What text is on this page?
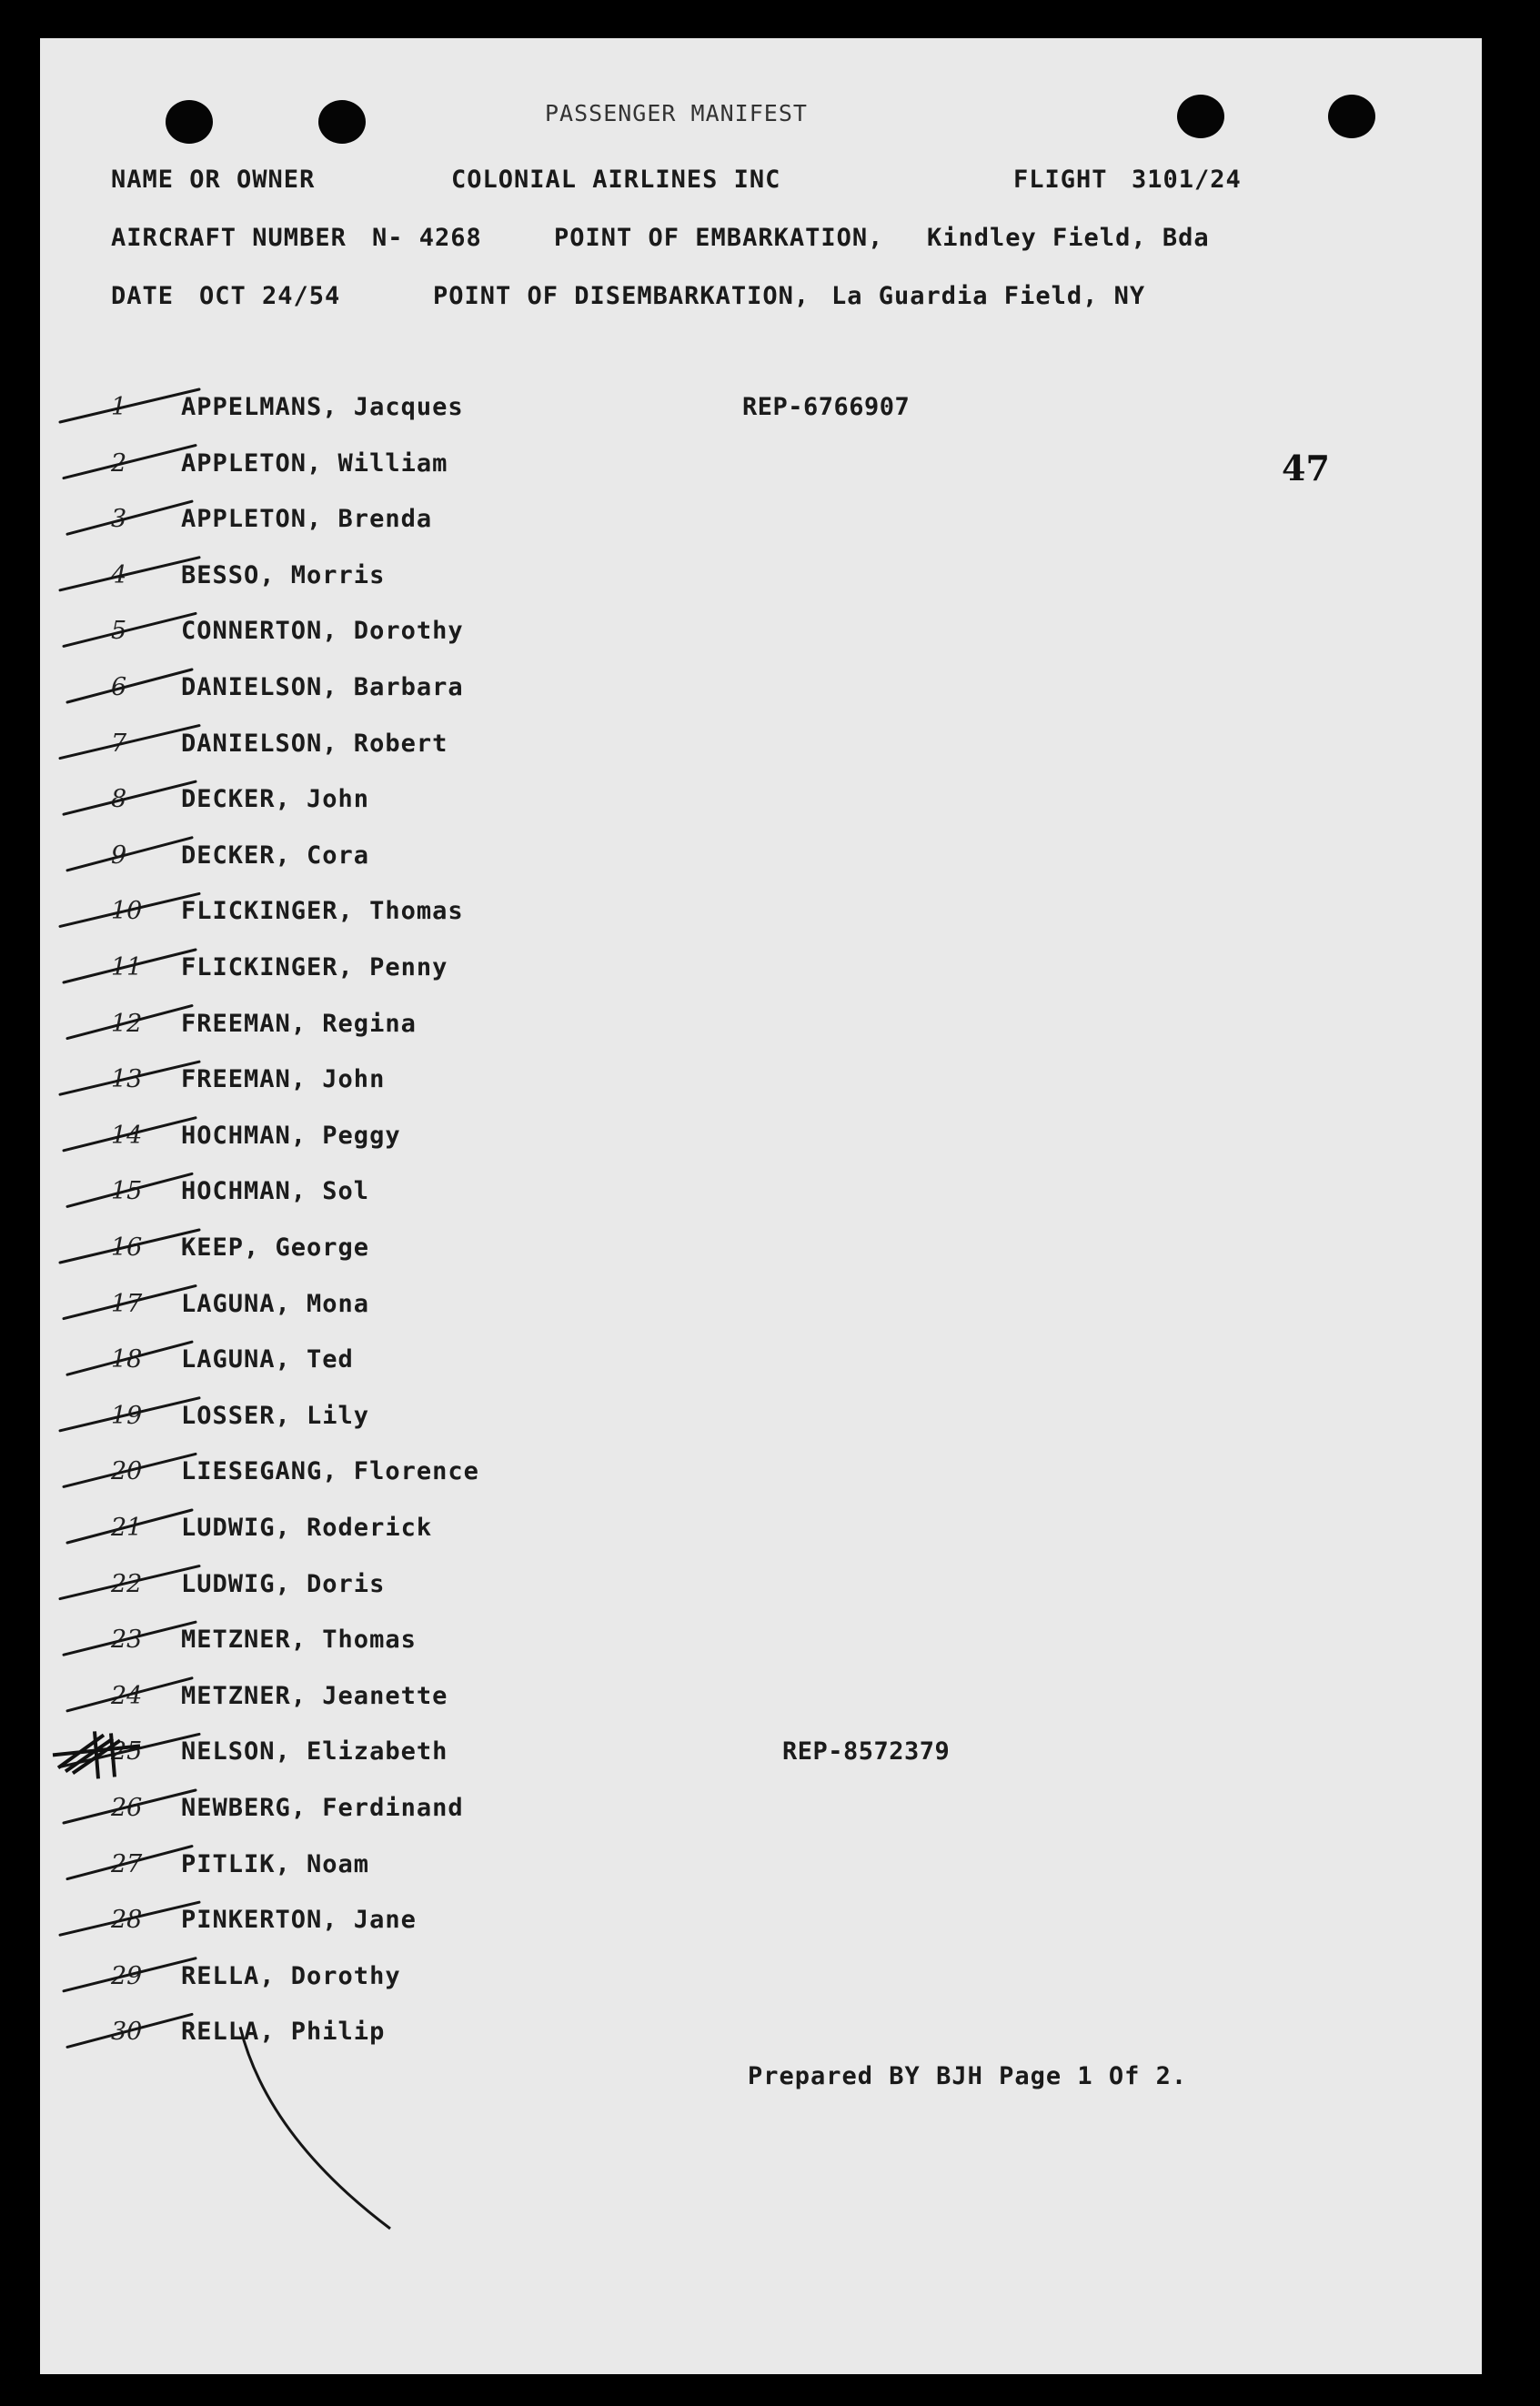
PASSENGER MANIFEST
NAME OR OWNER	COLONIAL AIRLINES INC	FLIGHT 3101/24
AIRCRAFT NUMBER N- 4268	POINT OF EMBARKATION, Kindley Field, Bda
DATE OCT 24/54	POINT OF DISEMBARKATION, La Guardia Field, NY
47
1	APPELMANS, Jacques	REP-6766907
2	APPLETON, William
3	APPLETON, Brenda
4	BESSO, Morris
5	CONNERTON, Dorothy
6	DANIELSON, Barbara
7	DANIELSON, Robert
8	DECKER, John
9	DECKER, Cora
10	FLICKINGER, Thomas
11	FLICKINGER, Penny
12	FREEMAN, Regina
13	FREEMAN, John
14	HOCHMAN, Peggy
15	HOCHMAN, Sol
16	KEEP, George
17	LAGUNA, Mona
18	LAGUNA, Ted
19	LOSSER, Lily
20	LIESEGANG, Florence
21	LUDWIG, Roderick
22	LUDWIG, Doris
23	METZNER, Thomas
24	METZNER, Jeanette
25	NELSON, Elizabeth	REP-8572379
26	NEWBERG, Ferdinand
27	PITLIK, Noam
28	PINKERTON, Jane
29	RELLA, Dorothy
30	RELLA, Philip
Prepared BY BJH Page 1 Of 2.
